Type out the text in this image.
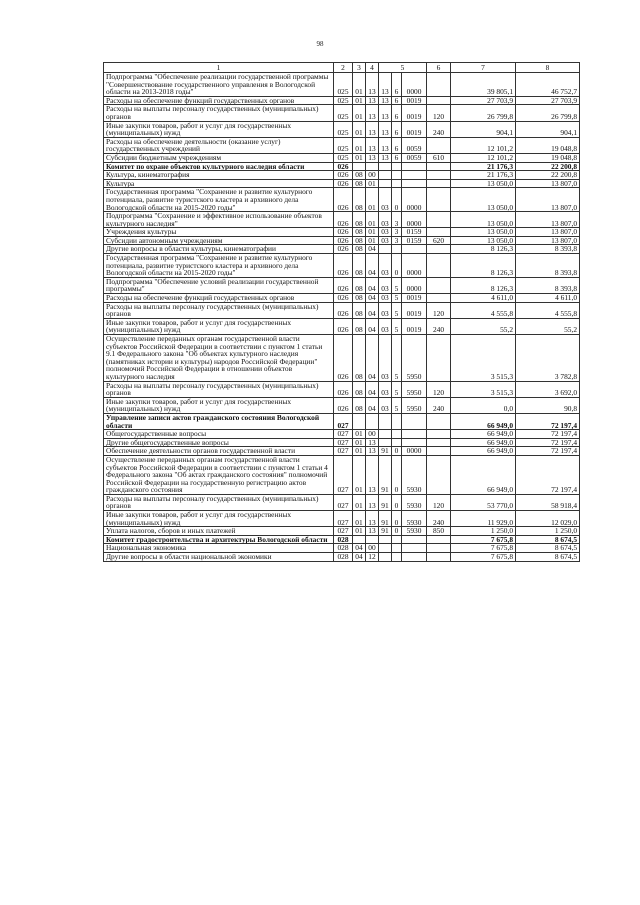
98
1	2	3	4	5			6	7	8
Подпрограмма "Обеспечение реализации государственной программы "Совершенствование государственного управления в Вологодской области на 2013-2018 годы"	025	01	13	13	6	0000		39 805,1	46 752,7
Расходы на обеспечение функций государственных органов	025	01	13	13	6	0019		27 703,9	27 703,9
Расходы на выплаты персоналу государственных (муниципальных) органов	025	01	13	13	6	0019	120	26 799,8	26 799,8
Иные закупки товаров, работ и услуг для государственных (муниципальных) нужд	025	01	13	13	6	0019	240	904,1	904,1
Расходы на обеспечение деятельности (оказание услуг) государственных учреждений	025	01	13	13	6	0059		12 101,2	19 048,8
Субсидии бюджетным учреждениям	025	01	13	13	6	0059	610	12 101,2	19 048,8
Комитет по охране объектов культурного наследия области	026							21 176,3	22 200,8
Культура, кинематография	026	08	00					21 176,3	22 200,8
Культура	026	08	01					13 050,0	13 807,0
Государственная программа "Сохранение и развитие культурного потенциала, развитие туристского кластера и архивного дела Вологодской области на 2015-2020 годы"	026	08	01	03	0	0000		13 050,0	13 807,0
Подпрограмма "Сохранение и эффективное использование объектов культурного наследия"	026	08	01	03	3	0000		13 050,0	13 807,0
Учреждения культуры	026	08	01	03	3	0159		13 050,0	13 807,0
Субсидии автономным учреждениям	026	08	01	03	3	0159	620	13 050,0	13 807,0
Другие вопросы в области культуры, кинематографии	026	08	04					8 126,3	8 393,8
Государственная программа "Сохранение и развитие культурного потенциала, развитие туристского кластера и архивного дела Вологодской области на 2015-2020 годы"	026	08	04	03	0	0000		8 126,3	8 393,8
Подпрограмма "Обеспечение условий реализации государственной программы"	026	08	04	03	5	0000		8 126,3	8 393,8
Расходы на обеспечение функций государственных органов	026	08	04	03	5	0019		4 611,0	4 611,0
Расходы на выплаты персоналу государственных (муниципальных) органов	026	08	04	03	5	0019	120	4 555,8	4 555,8
Иные закупки товаров, работ и услуг для государственных (муниципальных) нужд	026	08	04	03	5	0019	240	55,2	55,2
Осуществление переданных органам государственной власти субъектов Российской Федерации в соответствии с пунктом 1 статьи 9.1 Федерального закона "Об объектах культурного наследия (памятниках истории и культуры) народов Российской Федерации" полномочий Российской Федерации в отношении объектов культурного наследия	026	08	04	03	5	5950		3 515,3	3 782,8
Расходы на выплаты персоналу государственных (муниципальных) органов	026	08	04	03	5	5950	120	3 515,3	3 692,0
Иные закупки товаров, работ и услуг для государственных (муниципальных) нужд	026	08	04	03	5	5950	240	0,0	90,8
Управление записи актов гражданского состояния Вологодской области	027							66 949,0	72 197,4
Общегосударственные вопросы	027	01	00					66 949,0	72 197,4
Другие общегосударственные вопросы	027	01	13					66 949,0	72 197,4
Обеспечение деятельности органов государственной власти	027	01	13	91	0	0000		66 949,0	72 197,4
Осуществление переданных органам государственной власти субъектов Российской Федерации в соответствии с пунктом 1 статьи 4 Федерального закона "Об актах гражданского состояния" полномочий Российской Федерации на государственную регистрацию актов гражданского состояния	027	01	13	91	0	5930		66 949,0	72 197,4
Расходы на выплаты персоналу государственных (муниципальных) органов	027	01	13	91	0	5930	120	53 770,0	58 918,4
Иные закупки товаров, работ и услуг для государственных (муниципальных) нужд	027	01	13	91	0	5930	240	11 929,0	12 029,0
Уплата налогов, сборов и иных платежей	027	01	13	91	0	5930	850	1 250,0	1 250,0
Комитет градостроительства и архитектуры Вологодской области	028							7 675,8	8 674,5
Национальная экономика	028	04	00					7 675,8	8 674,5
Другие вопросы в области национальной экономики	028	04	12					7 675,8	8 674,5
